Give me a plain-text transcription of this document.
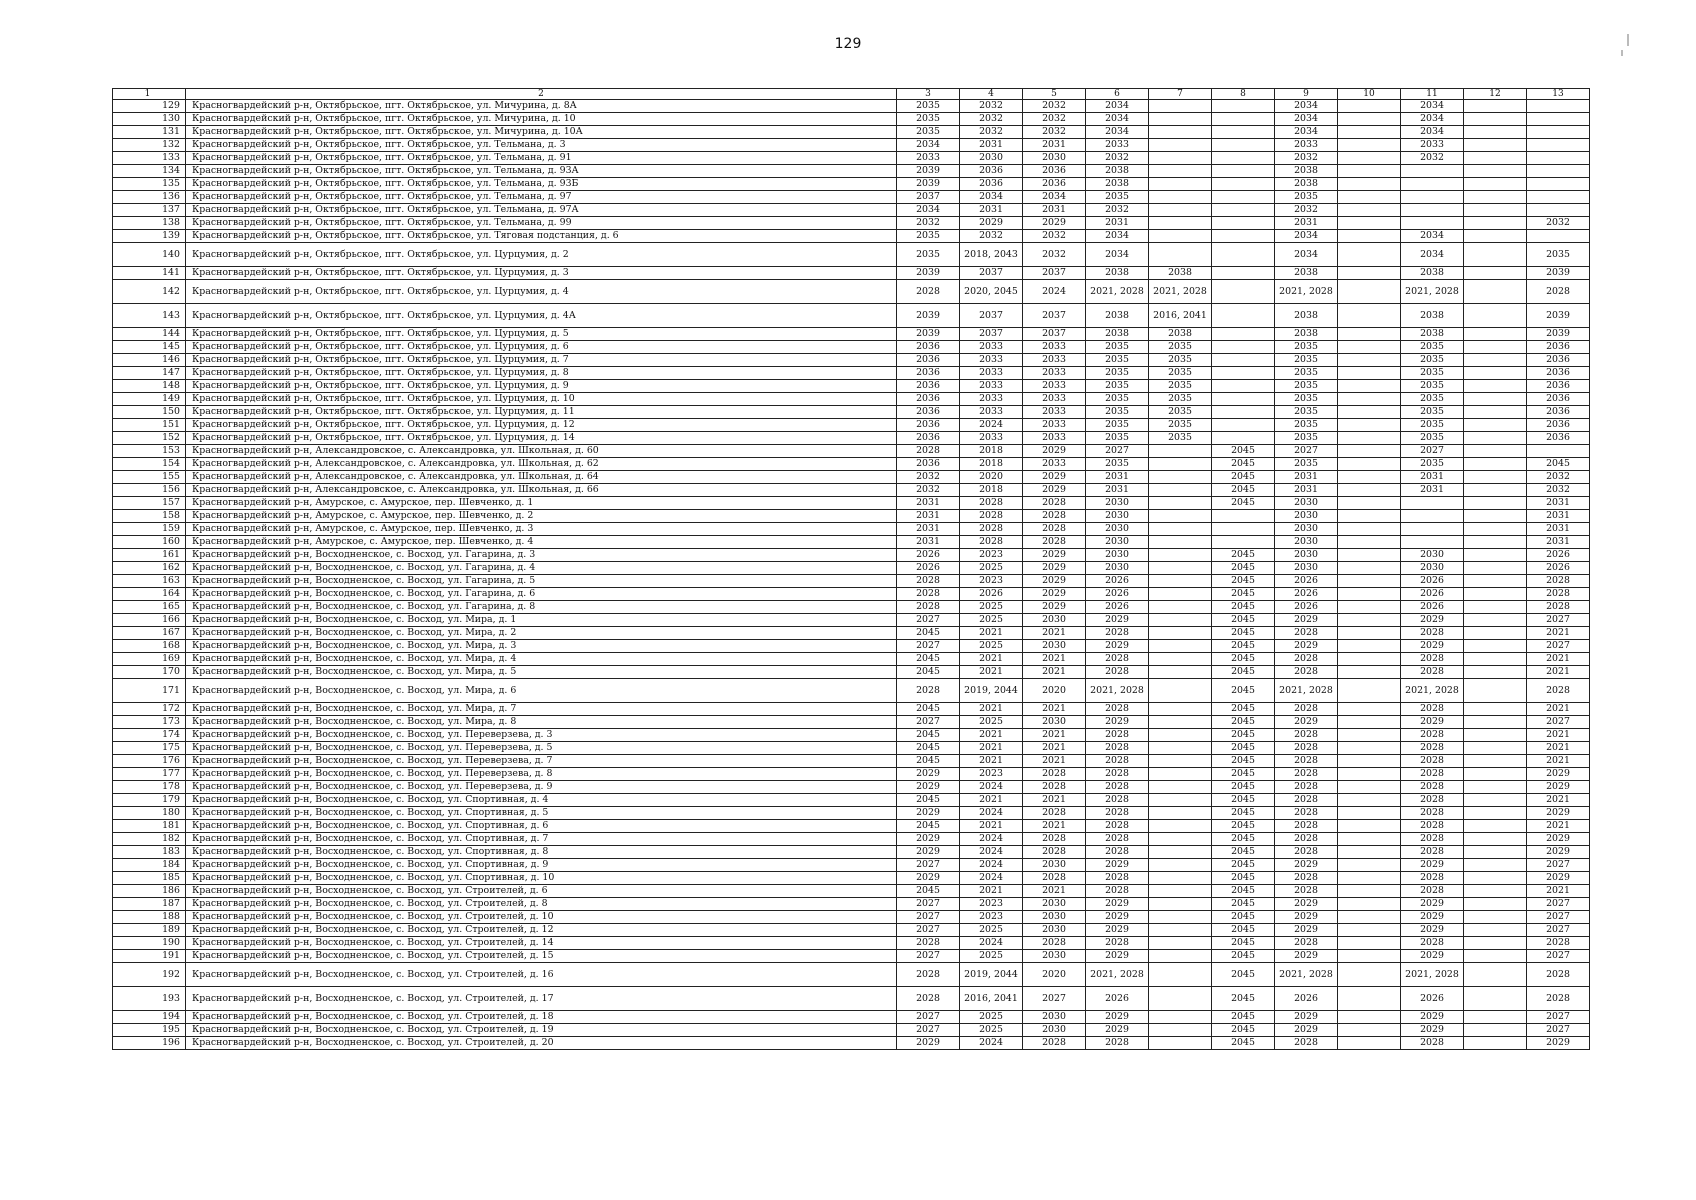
129
1	2	3	4	5	6	7	8	9	10	11	12	13
129	Красногвардейский р-н, Октябрьское, пгт. Октябрьское, ул. Мичурина, д. 8А	2035	2032	2032	2034			2034		2034		
130	Красногвардейский р-н, Октябрьское, пгт. Октябрьское, ул. Мичурина, д. 10	2035	2032	2032	2034			2034		2034		
131	Красногвардейский р-н, Октябрьское, пгт. Октябрьское, ул. Мичурина, д. 10А	2035	2032	2032	2034			2034		2034		
132	Красногвардейский р-н, Октябрьское, пгт. Октябрьское, ул. Тельмана, д. 3	2034	2031	2031	2033			2033		2033		
133	Красногвардейский р-н, Октябрьское, пгт. Октябрьское, ул. Тельмана, д. 91	2033	2030	2030	2032			2032		2032		
134	Красногвардейский р-н, Октябрьское, пгт. Октябрьское, ул. Тельмана, д. 93А	2039	2036	2036	2038			2038				
135	Красногвардейский р-н, Октябрьское, пгт. Октябрьское, ул. Тельмана, д. 93Б	2039	2036	2036	2038			2038				
136	Красногвардейский р-н, Октябрьское, пгт. Октябрьское, ул. Тельмана, д. 97	2037	2034	2034	2035			2035				
137	Красногвардейский р-н, Октябрьское, пгт. Октябрьское, ул. Тельмана, д. 97А	2034	2031	2031	2032			2032				
138	Красногвардейский р-н, Октябрьское, пгт. Октябрьское, ул. Тельмана, д. 99	2032	2029	2029	2031			2031				2032
139	Красногвардейский р-н, Октябрьское, пгт. Октябрьское, ул. Тяговая подстанция, д. 6	2035	2032	2032	2034			2034		2034		
140	Красногвардейский р-н, Октябрьское, пгт. Октябрьское, ул. Цурцумия, д. 2	2035	2018, 2043	2032	2034			2034		2034		2035
141	Красногвардейский р-н, Октябрьское, пгт. Октябрьское, ул. Цурцумия, д. 3	2039	2037	2037	2038	2038		2038		2038		2039
142	Красногвардейский р-н, Октябрьское, пгт. Октябрьское, ул. Цурцумия, д. 4	2028	2020, 2045	2024	2021, 2028	2021, 2028		2021, 2028		2021, 2028		2028
143	Красногвардейский р-н, Октябрьское, пгт. Октябрьское, ул. Цурцумия, д. 4А	2039	2037	2037	2038	2016, 2041		2038		2038		2039
144	Красногвардейский р-н, Октябрьское, пгт. Октябрьское, ул. Цурцумия, д. 5	2039	2037	2037	2038	2038		2038		2038		2039
145	Красногвардейский р-н, Октябрьское, пгт. Октябрьское, ул. Цурцумия, д. 6	2036	2033	2033	2035	2035		2035		2035		2036
146	Красногвардейский р-н, Октябрьское, пгт. Октябрьское, ул. Цурцумия, д. 7	2036	2033	2033	2035	2035		2035		2035		2036
147	Красногвардейский р-н, Октябрьское, пгт. Октябрьское, ул. Цурцумия, д. 8	2036	2033	2033	2035	2035		2035		2035		2036
148	Красногвардейский р-н, Октябрьское, пгт. Октябрьское, ул. Цурцумия, д. 9	2036	2033	2033	2035	2035		2035		2035		2036
149	Красногвардейский р-н, Октябрьское, пгт. Октябрьское, ул. Цурцумия, д. 10	2036	2033	2033	2035	2035		2035		2035		2036
150	Красногвардейский р-н, Октябрьское, пгт. Октябрьское, ул. Цурцумия, д. 11	2036	2033	2033	2035	2035		2035		2035		2036
151	Красногвардейский р-н, Октябрьское, пгт. Октябрьское, ул. Цурцумия, д. 12	2036	2024	2033	2035	2035		2035		2035		2036
152	Красногвардейский р-н, Октябрьское, пгт. Октябрьское, ул. Цурцумия, д. 14	2036	2033	2033	2035	2035		2035		2035		2036
153	Красногвардейский р-н, Александровское, с. Александровка, ул. Школьная, д. 60	2028	2018	2029	2027		2045	2027		2027		
154	Красногвардейский р-н, Александровское, с. Александровка, ул. Школьная, д. 62	2036	2018	2033	2035		2045	2035		2035		2045
155	Красногвардейский р-н, Александровское, с. Александровка, ул. Школьная, д. 64	2032	2020	2029	2031		2045	2031		2031		2032
156	Красногвардейский р-н, Александровское, с. Александровка, ул. Школьная, д. 66	2032	2018	2029	2031		2045	2031		2031		2032
157	Красногвардейский р-н, Амурское, с. Амурское, пер. Шевченко, д. 1	2031	2028	2028	2030		2045	2030				2031
158	Красногвардейский р-н, Амурское, с. Амурское, пер. Шевченко, д. 2	2031	2028	2028	2030			2030				2031
159	Красногвардейский р-н, Амурское, с. Амурское, пер. Шевченко, д. 3	2031	2028	2028	2030			2030				2031
160	Красногвардейский р-н, Амурское, с. Амурское, пер. Шевченко, д. 4	2031	2028	2028	2030			2030				2031
161	Красногвардейский р-н, Восходненское, с. Восход, ул. Гагарина, д. 3	2026	2023	2029	2030		2045	2030		2030		2026
162	Красногвардейский р-н, Восходненское, с. Восход, ул. Гагарина, д. 4	2026	2025	2029	2030		2045	2030		2030		2026
163	Красногвардейский р-н, Восходненское, с. Восход, ул. Гагарина, д. 5	2028	2023	2029	2026		2045	2026		2026		2028
164	Красногвардейский р-н, Восходненское, с. Восход, ул. Гагарина, д. 6	2028	2026	2029	2026		2045	2026		2026		2028
165	Красногвардейский р-н, Восходненское, с. Восход, ул. Гагарина, д. 8	2028	2025	2029	2026		2045	2026		2026		2028
166	Красногвардейский р-н, Восходненское, с. Восход, ул. Мира, д. 1	2027	2025	2030	2029		2045	2029		2029		2027
167	Красногвардейский р-н, Восходненское, с. Восход, ул. Мира, д. 2	2045	2021	2021	2028		2045	2028		2028		2021
168	Красногвардейский р-н, Восходненское, с. Восход, ул. Мира, д. 3	2027	2025	2030	2029		2045	2029		2029		2027
169	Красногвардейский р-н, Восходненское, с. Восход, ул. Мира, д. 4	2045	2021	2021	2028		2045	2028		2028		2021
170	Красногвардейский р-н, Восходненское, с. Восход, ул. Мира, д. 5	2045	2021	2021	2028		2045	2028		2028		2021
171	Красногвардейский р-н, Восходненское, с. Восход, ул. Мира, д. 6	2028	2019, 2044	2020	2021, 2028		2045	2021, 2028		2021, 2028		2028
172	Красногвардейский р-н, Восходненское, с. Восход, ул. Мира, д. 7	2045	2021	2021	2028		2045	2028		2028		2021
173	Красногвардейский р-н, Восходненское, с. Восход, ул. Мира, д. 8	2027	2025	2030	2029		2045	2029		2029		2027
174	Красногвардейский р-н, Восходненское, с. Восход, ул. Переверзева, д. 3	2045	2021	2021	2028		2045	2028		2028		2021
175	Красногвардейский р-н, Восходненское, с. Восход, ул. Переверзева, д. 5	2045	2021	2021	2028		2045	2028		2028		2021
176	Красногвардейский р-н, Восходненское, с. Восход, ул. Переверзева, д. 7	2045	2021	2021	2028		2045	2028		2028		2021
177	Красногвардейский р-н, Восходненское, с. Восход, ул. Переверзева, д. 8	2029	2023	2028	2028		2045	2028		2028		2029
178	Красногвардейский р-н, Восходненское, с. Восход, ул. Переверзева, д. 9	2029	2024	2028	2028		2045	2028		2028		2029
179	Красногвардейский р-н, Восходненское, с. Восход, ул. Спортивная, д. 4	2045	2021	2021	2028		2045	2028		2028		2021
180	Красногвардейский р-н, Восходненское, с. Восход, ул. Спортивная, д. 5	2029	2024	2028	2028		2045	2028		2028		2029
181	Красногвардейский р-н, Восходненское, с. Восход, ул. Спортивная, д. 6	2045	2021	2021	2028		2045	2028		2028		2021
182	Красногвардейский р-н, Восходненское, с. Восход, ул. Спортивная, д. 7	2029	2024	2028	2028		2045	2028		2028		2029
183	Красногвардейский р-н, Восходненское, с. Восход, ул. Спортивная, д. 8	2029	2024	2028	2028		2045	2028		2028		2029
184	Красногвардейский р-н, Восходненское, с. Восход, ул. Спортивная, д. 9	2027	2024	2030	2029		2045	2029		2029		2027
185	Красногвардейский р-н, Восходненское, с. Восход, ул. Спортивная, д. 10	2029	2024	2028	2028		2045	2028		2028		2029
186	Красногвардейский р-н, Восходненское, с. Восход, ул. Строителей, д. 6	2045	2021	2021	2028		2045	2028		2028		2021
187	Красногвардейский р-н, Восходненское, с. Восход, ул. Строителей, д. 8	2027	2023	2030	2029		2045	2029		2029		2027
188	Красногвардейский р-н, Восходненское, с. Восход, ул. Строителей, д. 10	2027	2023	2030	2029		2045	2029		2029		2027
189	Красногвардейский р-н, Восходненское, с. Восход, ул. Строителей, д. 12	2027	2025	2030	2029		2045	2029		2029		2027
190	Красногвардейский р-н, Восходненское, с. Восход, ул. Строителей, д. 14	2028	2024	2028	2028		2045	2028		2028		2028
191	Красногвардейский р-н, Восходненское, с. Восход, ул. Строителей, д. 15	2027	2025	2030	2029		2045	2029		2029		2027
192	Красногвардейский р-н, Восходненское, с. Восход, ул. Строителей, д. 16	2028	2019, 2044	2020	2021, 2028		2045	2021, 2028		2021, 2028		2028
193	Красногвардейский р-н, Восходненское, с. Восход, ул. Строителей, д. 17	2028	2016, 2041	2027	2026		2045	2026		2026		2028
194	Красногвардейский р-н, Восходненское, с. Восход, ул. Строителей, д. 18	2027	2025	2030	2029		2045	2029		2029		2027
195	Красногвардейский р-н, Восходненское, с. Восход, ул. Строителей, д. 19	2027	2025	2030	2029		2045	2029		2029		2027
196	Красногвардейский р-н, Восходненское, с. Восход, ул. Строителей, д. 20	2029	2024	2028	2028		2045	2028		2028		2029
